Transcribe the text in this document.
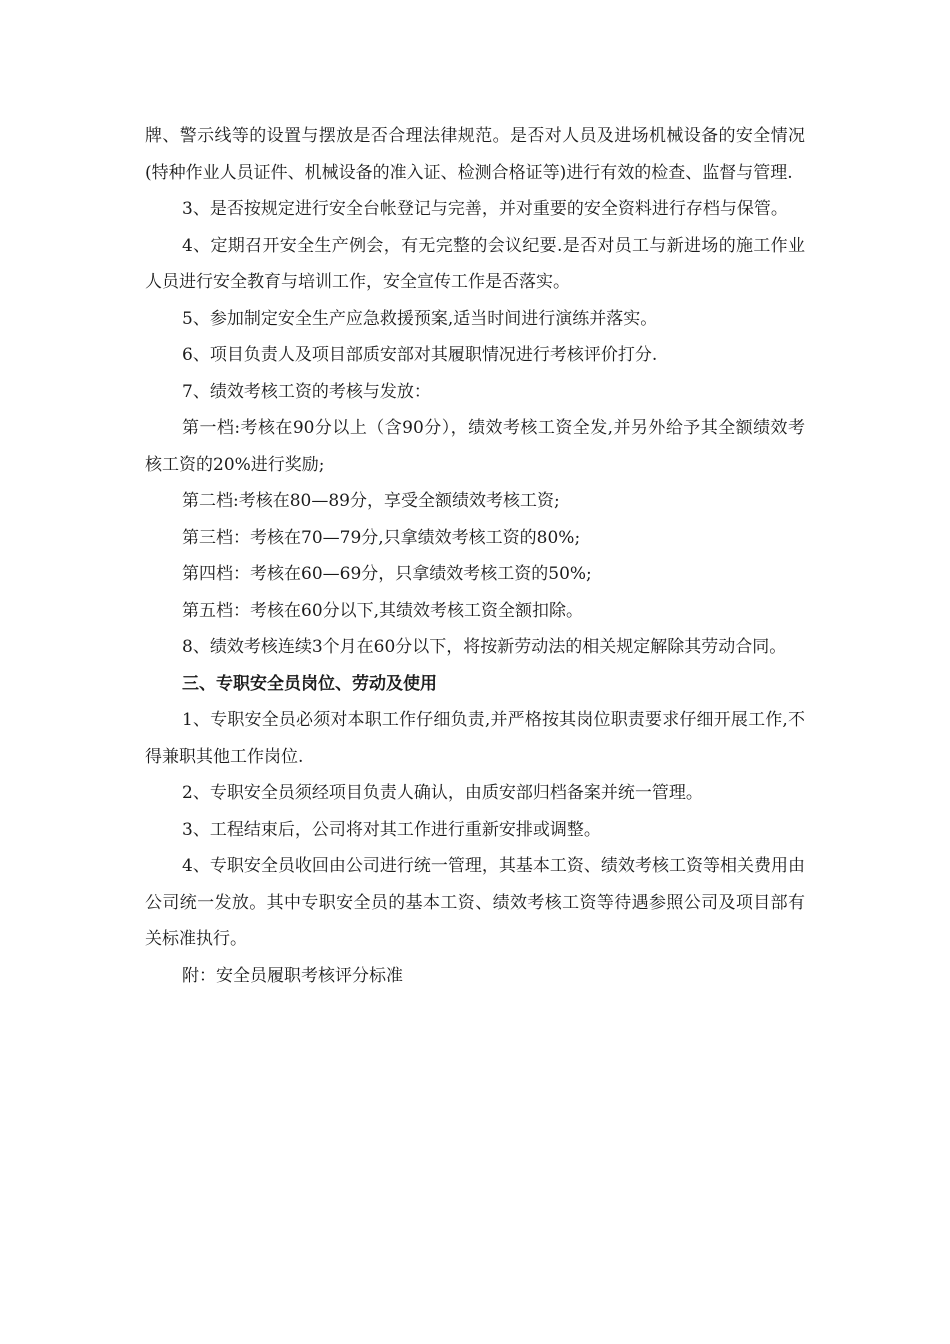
牌、警示线等的设置与摆放是否合理法律规范。是否对人员及进场机械设备的安全情况(特种作业人员证件、机械设备的准入证、检测合格证等)进行有效的检查、监督与管理.

3、是否按规定进行安全台帐登记与完善，并对重要的安全资料进行存档与保管。

4、定期召开安全生产例会，有无完整的会议纪要.是否对员工与新进场的施工作业人员进行安全教育与培训工作，安全宣传工作是否落实。

5、参加制定安全生产应急救援预案,适当时间进行演练并落实。

6、项目负责人及项目部质安部对其履职情况进行考核评价打分.

7、绩效考核工资的考核与发放：

第一档:考核在90分以上（含90分），绩效考核工资全发,并另外给予其全额绩效考核工资的20%进行奖励;

第二档:考核在80—89分，享受全额绩效考核工资;

第三档：考核在70—79分,只拿绩效考核工资的80%;

第四档：考核在60—69分，只拿绩效考核工资的50%;

第五档：考核在60分以下,其绩效考核工资全额扣除。

8、绩效考核连续3个月在60分以下，将按新劳动法的相关规定解除其劳动合同。

三、专职安全员岗位、劳动及使用

1、专职安全员必须对本职工作仔细负责,并严格按其岗位职责要求仔细开展工作,不得兼职其他工作岗位.

2、专职安全员须经项目负责人确认，由质安部归档备案并统一管理。

3、工程结束后，公司将对其工作进行重新安排或调整。

4、专职安全员收回由公司进行统一管理，其基本工资、绩效考核工资等相关费用由公司统一发放。其中专职安全员的基本工资、绩效考核工资等待遇参照公司及项目部有关标准执行。

附：安全员履职考核评分标准
